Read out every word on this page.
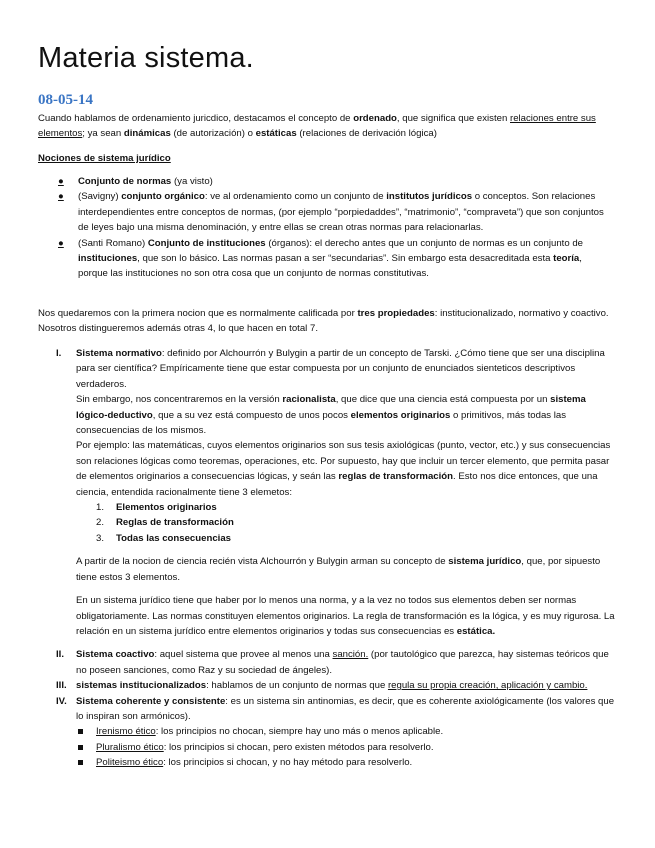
Materia sistema.
08-05-14

Cuando hablamos de ordenamiento juricdico, destacamos el concepto de ordenado, que significa que existen relaciones entre sus elementos; ya sean dinámicas (de autorización) o estáticas (relaciones de derivación lógica)

Nociones de sistema jurídico

●	Conjunto de normas (ya visto)
●	(Savigny) conjunto orgánico: ve al ordenamiento como un conjunto de institutos jurídicos o conceptos. Son relaciones interdependientes entre conceptos de normas, (por ejemplo “porpiedaddes”, “matrimonio”, “compraveta”) que son conjuntos de leyes bajo una misma denominación, y entre ellas se crean otras normas para relacionarlas.
●	(Santi Romano) Conjunto de instituciones (órganos): el derecho antes que un conjunto de normas es un conjunto de instituciones, que son lo básico. Las normas pasan a ser “secundarias”. Sin embargo esta desacreditada esta teoría, porque las instituciones no son otra cosa que un conjunto de normas constitutivas.

Nos quedaremos con la primera nocion que es normalmente calificada por tres propiedades: institucionalizado, normativo y coactivo. Nosotros distingueremos además otras 4, lo que hacen en total 7.

I. Sistema normativo: definido por Alchourrón y Bulygin a partir de un concepto de Tarski. ¿Cómo tiene que ser una disciplina para ser científica? Empíricamente tiene que estar compuesta por un conjunto de enunciados sienteticos descriptivos verdaderos.

Sin embargo, nos concentraremos en la versión racionalista, que dice que una ciencia está compuesta por un sistema lógico-deductivo, que a su vez está compuesto de unos pocos elementos originarios o primitivos, más todas las consecuencias de los mismos.

Por ejemplo: las matemáticas, cuyos elementos originarios son sus tesis axiológicas (punto, vector, etc.) y sus consecuencias son relaciones lógicas como teoremas, operaciones, etc. Por supuesto, hay que incluir un tercer elemento, que permita pasar de elementos originarios a consecuencias lógicas, y seán las reglas de transformación. Esto nos dice entonces, que una ciencia, entendida racionalmente tiene 3 elemetos:

1. Elementos originarios
2. Reglas de transformación
3. Todas las consecuencias

A partir de la nocion de ciencia recién vista Alchourrón y Bulygin arman su concepto de sistema jurídico, que, por sipuesto tiene estos 3 elementos.

En un sistema jurídico tiene que haber por lo menos una norma, y a la vez no todos sus elementos deben ser normas obligatoriamente. Las normas constituyen elementos originarios. La regla de transformación es la lógica, y es muy rigurosa. La relación en un sistema jurídico entre elementos originarios y todas sus consecuencias es estática.

II. Sistema coactivo: aquel sistema que provee al menos una sanción. (por tautológico que parezca, hay sistemas teóricos que no poseen sanciones, como Raz y su sociedad de ángeles).
III. sistemas institucionalizados: hablamos de un conjunto de normas que regula su propia creación, aplicación y cambio.
IV. Sistema coherente y consistente: es un sistema sin antinomias, es decir, que es coherente axiológicamente (los valores que lo inspiran son armónicos).
Irenismo ético: los principios no chocan, siempre hay uno más o menos aplicable.
Pluralismo ético: los principios si chocan, pero existen métodos para resolverlo.
Politeismo ético: los principios si chocan, y no hay método para resolverlo.
